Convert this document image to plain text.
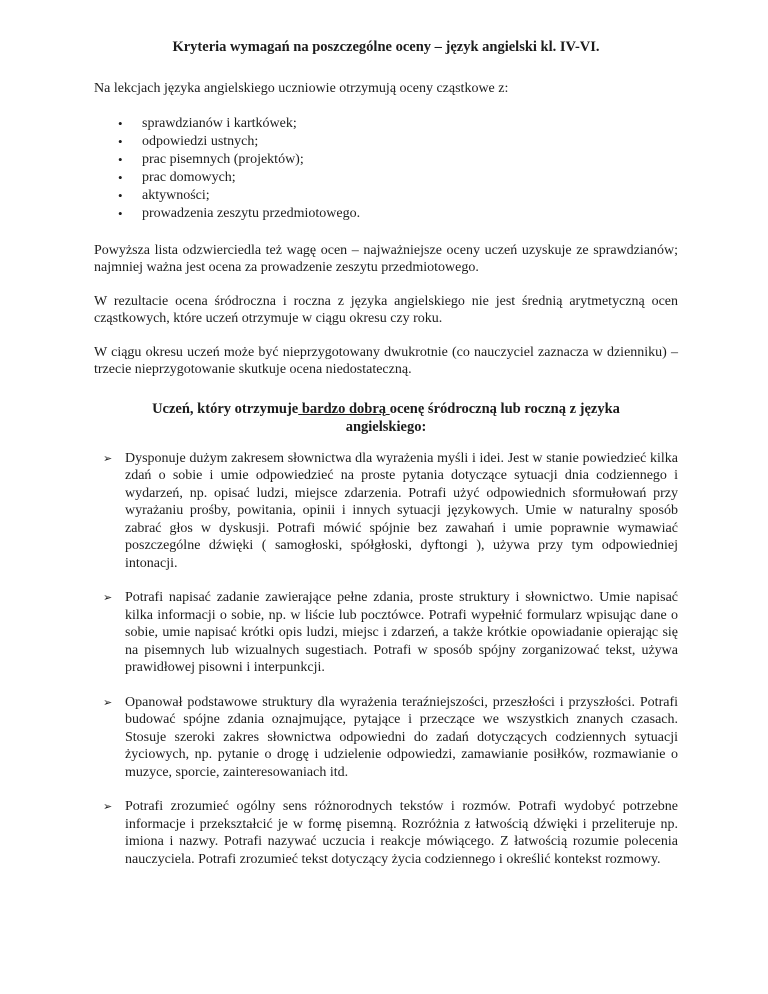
Kryteria wymagań na poszczególne oceny – język angielski kl. IV-VI.

Na lekcjach języka angielskiego uczniowie otrzymują oceny cząstkowe z:

•	sprawdzianów i kartkówek;
•	odpowiedzi ustnych;
•	prac pisemnych (projektów);
•	prac domowych;
•	aktywności;
•	prowadzenia zeszytu przedmiotowego.

Powyższa lista odzwierciedla też wagę ocen – najważniejsze oceny uczeń uzyskuje ze sprawdzianów; najmniej ważna jest ocena za prowadzenie zeszytu przedmiotowego.

W rezultacie ocena śródroczna i roczna z języka angielskiego nie jest średnią arytmetyczną ocen cząstkowych, które uczeń otrzymuje w ciągu okresu czy roku.

W ciągu okresu uczeń może być nieprzygotowany dwukrotnie (co nauczyciel zaznacza w dzienniku) – trzecie nieprzygotowanie skutkuje ocena niedostateczną.

Uczeń, który otrzymuje bardzo dobrą ocenę śródroczną lub roczną z języka angielskiego:
➢ Dysponuje dużym zakresem słownictwa dla wyrażenia myśli i idei. Jest w stanie powiedzieć kilka zdań o sobie i umie odpowiedzieć na proste pytania dotyczące sytuacji dnia codziennego i wydarzeń, np. opisać ludzi, miejsce zdarzenia. Potrafi użyć odpowiednich sformułowań przy wyrażaniu prośby, powitania, opinii i innych sytuacji językowych. Umie w naturalny sposób zabrać głos w dyskusji. Potrafi mówić spójnie bez zawahań i umie poprawnie wymawiać poszczególne dźwięki ( samogłoski, spółgłoski, dyftongi ), używa przy tym odpowiedniej intonacji.
➢ Potrafi napisać zadanie zawierające pełne zdania, proste struktury i słownictwo. Umie napisać kilka informacji o sobie, np. w liście lub pocztówce. Potrafi wypełnić formularz wpisując dane o sobie, umie napisać krótki opis ludzi, miejsc i zdarzeń, a także krótkie opowiadanie opierając się na pisemnych lub wizualnych sugestiach. Potrafi w sposób spójny zorganizować tekst, używa prawidłowej pisowni i interpunkcji.
➢ Opanował podstawowe struktury dla wyrażenia teraźniejszości, przeszłości i przyszłości. Potrafi budować spójne zdania oznajmujące, pytające i przeczące we wszystkich znanych czasach. Stosuje szeroki zakres słownictwa odpowiedni do zadań dotyczących codziennych sytuacji życiowych, np. pytanie o drogę i udzielenie odpowiedzi, zamawianie posiłków, rozmawianie o muzyce, sporcie, zainteresowaniach itd.
➢ Potrafi zrozumieć ogólny sens różnorodnych tekstów i rozmów. Potrafi wydobyć potrzebne informacje i przekształcić je w formę pisemną. Rozróżnia z łatwością dźwięki i przeliteruje np. imiona i nazwy. Potrafi nazywać uczucia i reakcje mówiącego. Z łatwością rozumie polecenia nauczyciela. Potrafi zrozumieć tekst dotyczący życia codziennego i określić kontekst rozmowy.
